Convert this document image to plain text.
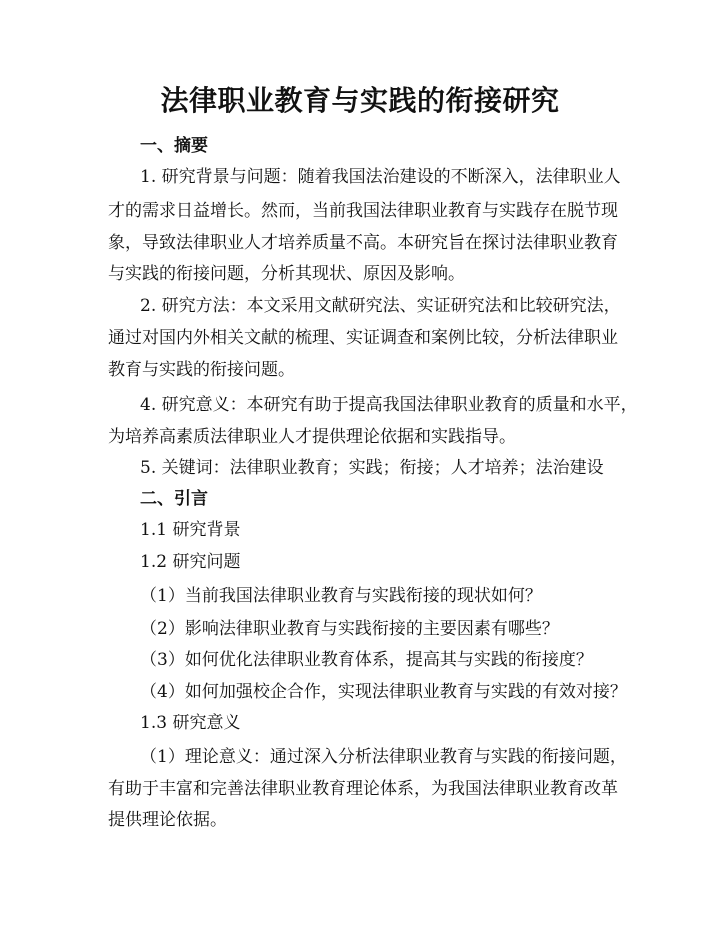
法律职业教育与实践的衔接研究
一、摘要
1. 研究背景与问题：随着我国法治建设的不断深入，法律职业人
才的需求日益增长。然而，当前我国法律职业教育与实践存在脱节现
象，导致法律职业人才培养质量不高。本研究旨在探讨法律职业教育
与实践的衔接问题，分析其现状、原因及影响。
2. 研究方法：本文采用文献研究法、实证研究法和比较研究法，
通过对国内外相关文献的梳理、实证调查和案例比较，分析法律职业
教育与实践的衔接问题。
4. 研究意义：本研究有助于提高我国法律职业教育的质量和水平，
为培养高素质法律职业人才提供理论依据和实践指导。
5. 关键词：法律职业教育；实践；衔接；人才培养；法治建设
二、引言
1.1 研究背景
1.2 研究问题
（1）当前我国法律职业教育与实践衔接的现状如何？
（2）影响法律职业教育与实践衔接的主要因素有哪些？
（3）如何优化法律职业教育体系，提高其与实践的衔接度？
（4）如何加强校企合作，实现法律职业教育与实践的有效对接？
1.3 研究意义
（1）理论意义：通过深入分析法律职业教育与实践的衔接问题，
有助于丰富和完善法律职业教育理论体系，为我国法律职业教育改革
提供理论依据。
